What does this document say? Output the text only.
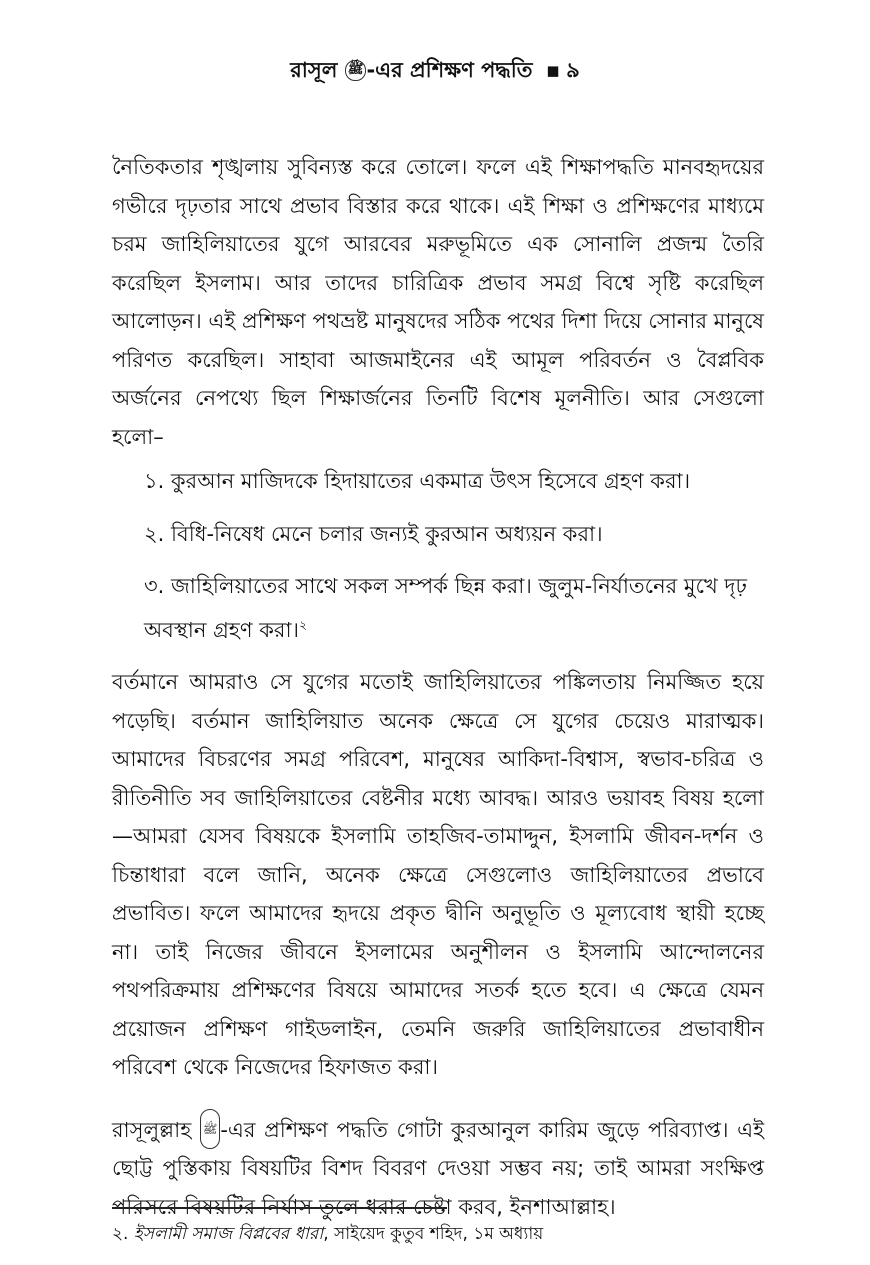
রাসূল ﷺ -এর প্রশিক্ষণ পদ্ধতি ▪ ৯

নৈতিকতার শৃঙ্খলায় সুবিন্যস্ত করে তোলে। ফলে এই শিক্ষাপদ্ধতি মানবহৃদয়ের গভীরে দৃঢ়তার সাথে প্রভাব বিস্তার করে থাকে। এই শিক্ষা ও প্রশিক্ষণের মাধ্যমে চরম জাহিলিয়াতের যুগে আরবের মরুভূমিতে এক সোনালি প্রজন্ম তৈরি করেছিল ইসলাম। আর তাদের চারিত্রিক প্রভাব সমগ্র বিশ্বে সৃষ্টি করেছিল আলোড়ন। এই প্রশিক্ষণ পথভ্রষ্ট মানুষদের সঠিক পথের দিশা দিয়ে সোনার মানুষে পরিণত করেছিল। সাহাবা আজমাইনের এই আমূল পরিবর্তন ও বৈপ্লবিক অর্জনের নেপথ্যে ছিল শিক্ষার্জনের তিনটি বিশেষ মূলনীতি। আর সেগুলো হলো–

১. কুরআন মাজিদকে হিদায়াতের একমাত্র উৎস হিসেবে গ্রহণ করা।
২. বিধি-নিষেধ মেনে চলার জন্যই কুরআন অধ্যয়ন করা।
৩. জাহিলিয়াতের সাথে সকল সম্পর্ক ছিন্ন করা। জুলুম-নির্যাতনের মুখে দৃঢ় অবস্থান গ্রহণ করা।$^২$

বর্তমানে আমরাও সে যুগের মতোই জাহিলিয়াতের পঙ্কিলতায় নিমজ্জিত হয়ে পড়েছি। বর্তমান জাহিলিয়াত অনেক ক্ষেত্রে সে যুগের চেয়েও মারাত্মক। আমাদের বিচরণের সমগ্র পরিবেশ, মানুষের আকিদা-বিশ্বাস, স্বভাব-চরিত্র ও রীতিনীতি সব জাহিলিয়াতের বেষ্টনীর মধ্যে আবদ্ধ। আরও ভয়াবহ বিষয় হলো—আমরা যেসব বিষয়কে ইসলামি তাহজিব-তামাদ্দুন, ইসলামি জীবন-দর্শন ও চিন্তাধারা বলে জানি, অনেক ক্ষেত্রে সেগুলোও জাহিলিয়াতের প্রভাবে প্রভাবিত। ফলে আমাদের হৃদয়ে প্রকৃত দ্বীনি অনুভূতি ও মূল্যবোধ স্থায়ী হচ্ছে না। তাই নিজের জীবনে ইসলামের অনুশীলন ও ইসলামি আন্দোলনের পথপরিক্রমায় প্রশিক্ষণের বিষয়ে আমাদের সতর্ক হতে হবে। এ ক্ষেত্রে যেমন প্রয়োজন প্রশিক্ষণ গাইডলাইন, তেমনি জরুরি জাহিলিয়াতের প্রভাবাধীন পরিবেশ থেকে নিজেদের হিফাজত করা।

রাসূলুল্লাহ ﷺ -এর প্রশিক্ষণ পদ্ধতি গোটা কুরআনুল কারিম জুড়ে পরিব্যাপ্ত। এই ছোট্ট পুস্তিকায় বিষয়টির বিশদ বিবরণ দেওয়া সম্ভব নয়; তাই আমরা সংক্ষিপ্ত পরিসরে বিষয়টির নির্যাস তুলে ধরার চেষ্টা করব, ইনশাআল্লাহ।

২. ইসলামী সমাজ বিপ্লবের ধারা, সাইয়েদ কুতুব শহিদ, ১ম অধ্যায়
